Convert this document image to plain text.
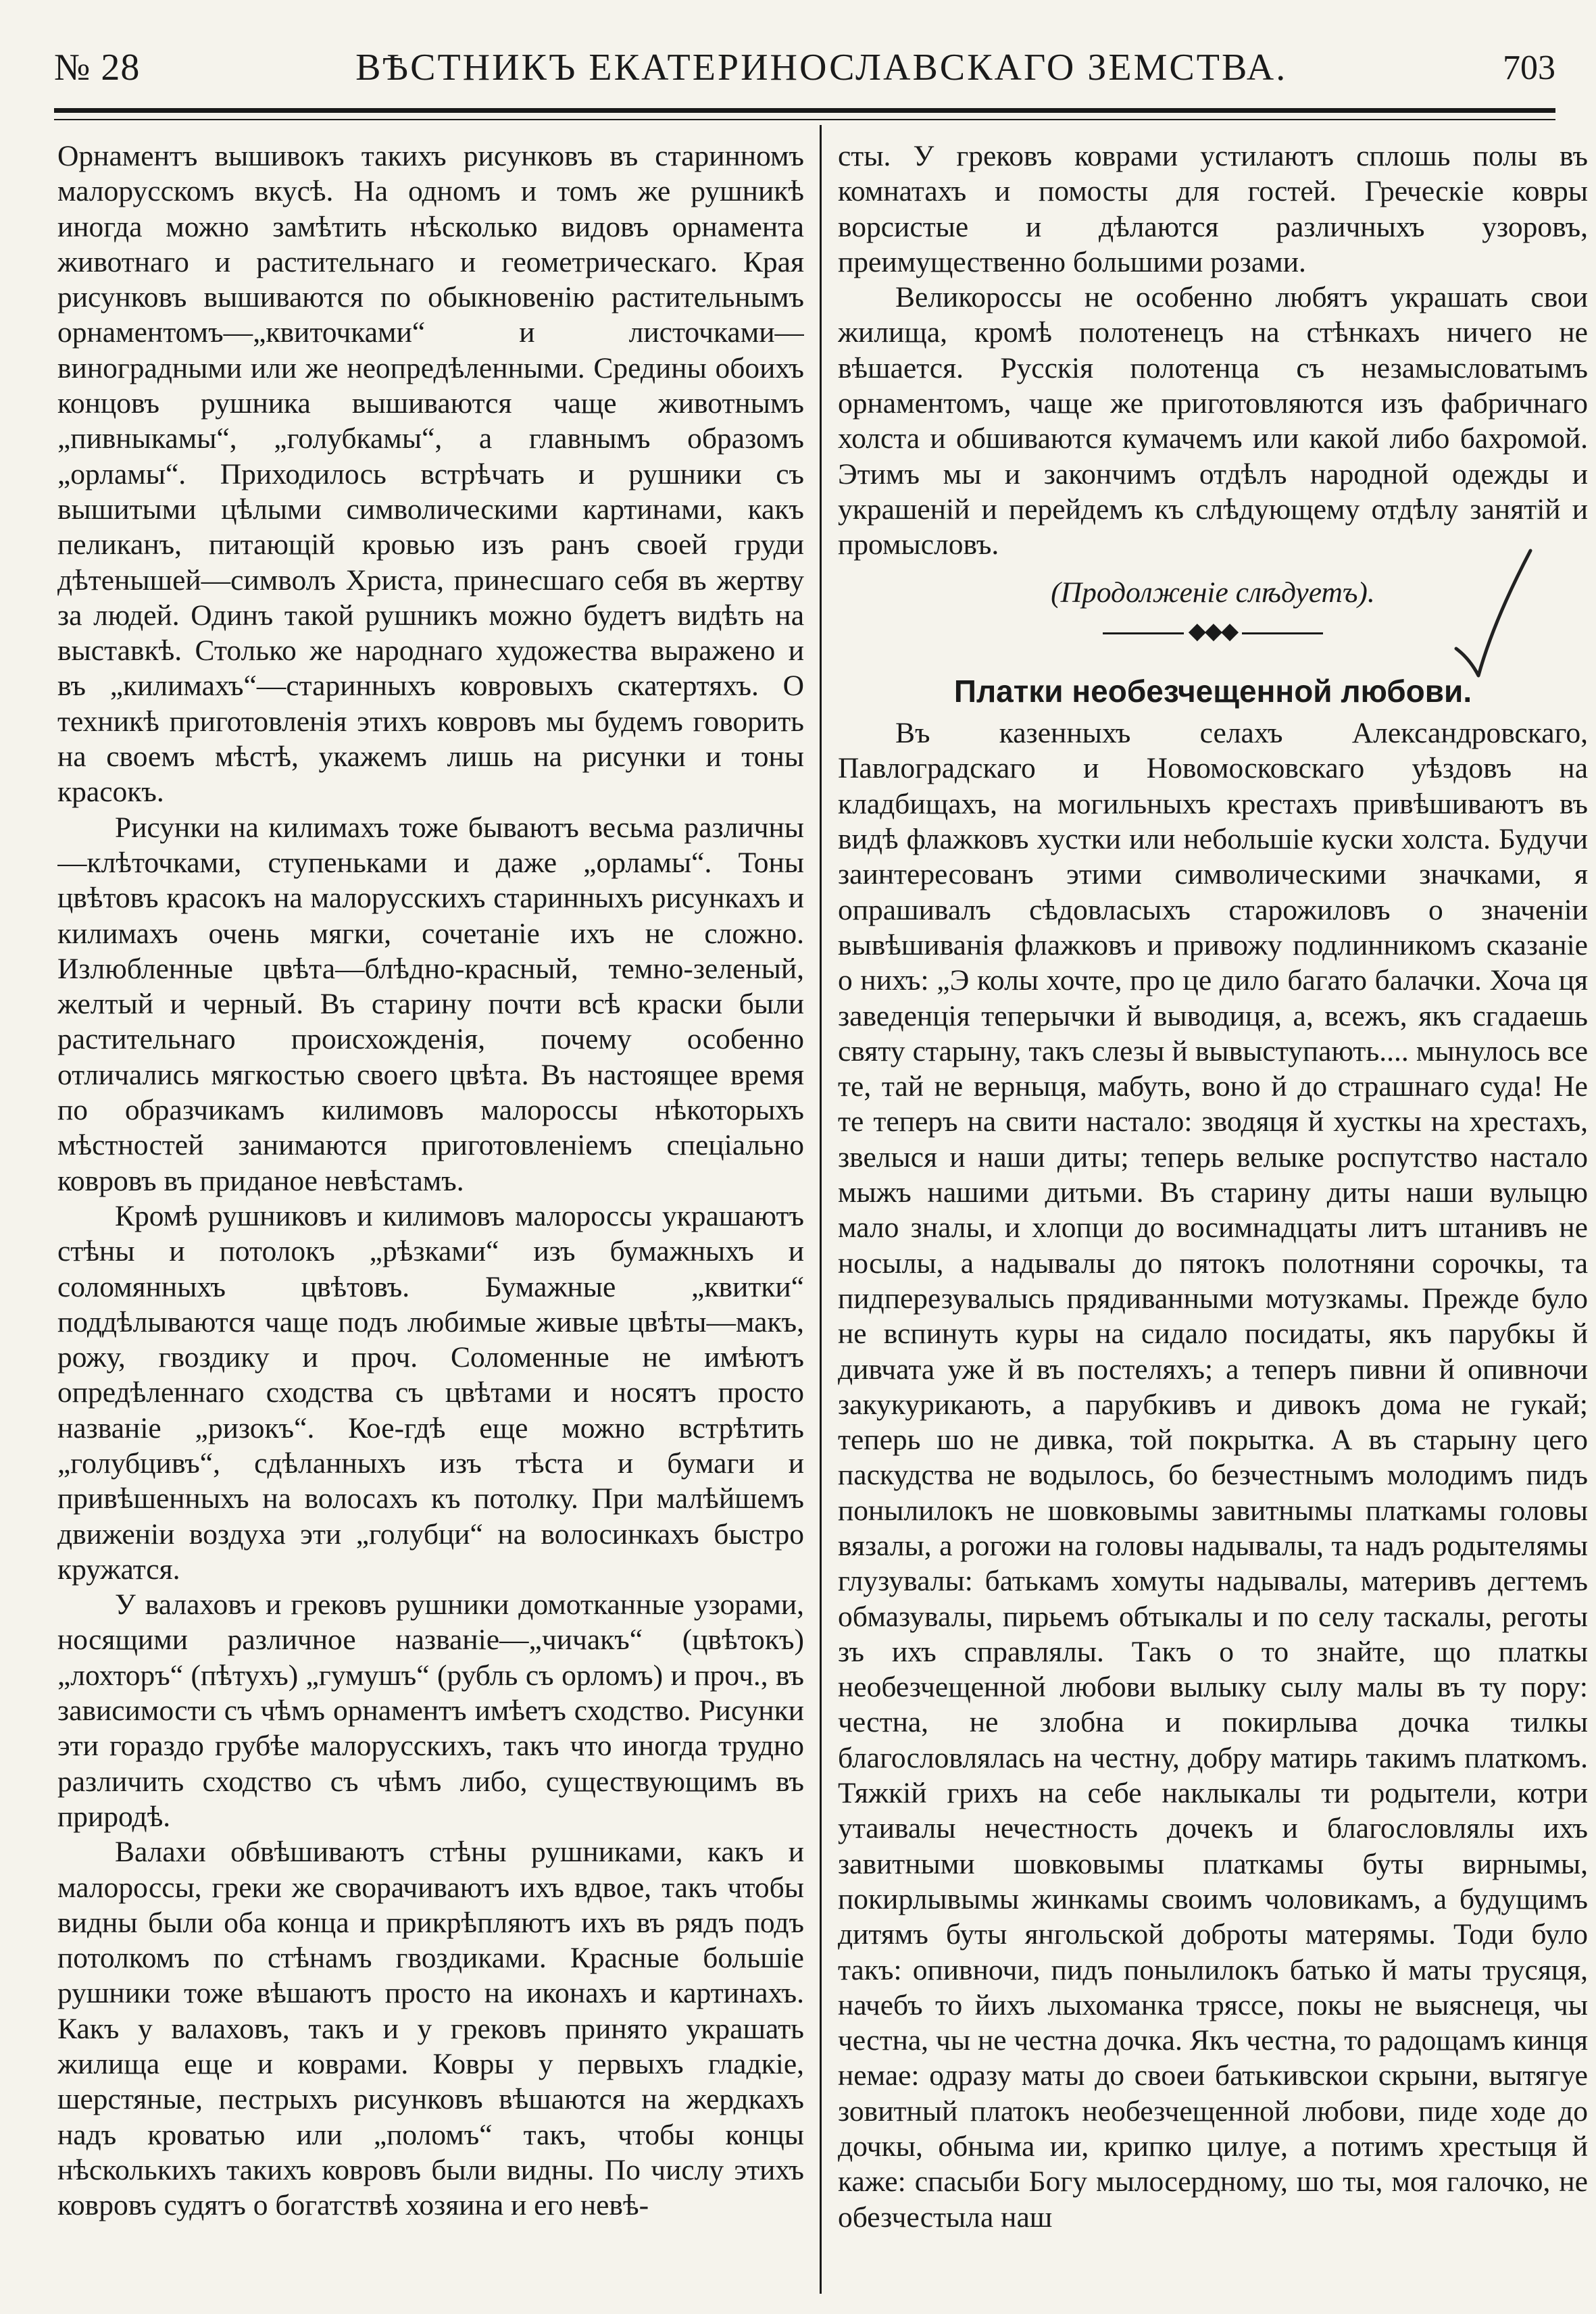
№ 28	ВѢСТНИКЪ ЕКАТЕРИНОСЛАВСКАГО ЗЕМСТВА.	703

Орнаментъ вышивокъ такихъ рисунковъ въ старинномъ малорусскомъ вкусѣ. На одномъ и томъ же рушникѣ иногда можно замѣтить нѣсколько видовъ орнамента животнаго и растительнаго и геометрическаго. Края рисунковъ вышиваются по обыкновенію растительнымъ орнаментомъ—„квиточками“ и листочками—виноградными или же неопредѣленными. Средины обоихъ концовъ рушника вышиваются чаще животнымъ „пивныкамы“, „голубкамы“, а главнымъ образомъ „орламы“. Приходилось встрѣчать и рушники съ вышитыми цѣлыми символическими картинами, какъ пеликанъ, питающій кровью изъ ранъ своей груди дѣтенышей—символъ Христа, принесшаго себя въ жертву за людей. Одинъ такой рушникъ можно будетъ видѣть на выставкѣ. Столько же народнаго художества выражено и въ „килимахъ“—старинныхъ ковровыхъ скатертяхъ. О техникѣ приготовленія этихъ ковровъ мы будемъ говорить на своемъ мѣстѣ, укажемъ лишь на рисунки и тоны красокъ.

Рисунки на килимахъ тоже бываютъ весьма различны—клѣточками, ступеньками и даже „орламы“. Тоны цвѣтовъ красокъ на малорусскихъ старинныхъ рисункахъ и килимахъ очень мягки, сочетаніе ихъ не сложно. Излюбленные цвѣта—блѣдно-красный, темно-зеленый, желтый и черный. Въ старину почти всѣ краски были растительнаго происхожденія, почему особенно отличались мягкостью своего цвѣта. Въ настоящее время по образчикамъ килимовъ малороссы нѣкоторыхъ мѣстностей занимаются приготовленіемъ спеціально ковровъ въ приданое невѣстамъ.

Кромѣ рушниковъ и килимовъ малороссы украшаютъ стѣны и потолокъ „рѣзками“ изъ бумажныхъ и соломянныхъ цвѣтовъ. Бумажные „квитки“ поддѣлываются чаще подъ любимые живые цвѣты—макъ, рожу, гвоздику и проч. Соломенные не имѣютъ опредѣленнаго сходства съ цвѣтами и носятъ просто названіе „ризокъ“. Кое-гдѣ еще можно встрѣтить „голубцивъ“, сдѣланныхъ изъ тѣста и бумаги и привѣшенныхъ на волосахъ къ потолку. При малѣйшемъ движеніи воздуха эти „голубци“ на волосинкахъ быстро кружатся.

У валаховъ и грековъ рушники домотканные узорами, носящими различное названіе—„чичакъ“ (цвѣтокъ) „лохторъ“ (пѣтухъ) „гумушъ“ (рубль съ орломъ) и проч., въ зависимости съ чѣмъ орнаментъ имѣетъ сходство. Рисунки эти гораздо грубѣе малорусскихъ, такъ что иногда трудно различить сходство съ чѣмъ либо, существующимъ въ природѣ.

Валахи обвѣшиваютъ стѣны рушниками, какъ и малороссы, греки же сворачиваютъ ихъ вдвое, такъ чтобы видны были оба конца и прикрѣпляютъ ихъ въ рядъ подъ потолкомъ по стѣнамъ гвоздиками. Красные большіе рушники тоже вѣшаютъ просто на иконахъ и картинахъ. Какъ у валаховъ, такъ и у грековъ принято украшать жилища еще и коврами. Ковры у первыхъ гладкіе, шерстяные, пестрыхъ рисунковъ вѣшаются на жердкахъ надъ кроватью или „поломъ“ такъ, чтобы концы нѣсколькихъ такихъ ковровъ были видны. По числу этихъ ковровъ судятъ о богатствѣ хозяина и его невѣ-

сты. У грековъ коврами устилаютъ сплошь полы въ комнатахъ и помосты для гостей. Греческіе ковры ворсистые и дѣлаются различныхъ узоровъ, преимущественно большими розами.

Великороссы не особенно любятъ украшать свои жилища, кромѣ полотенецъ на стѣнкахъ ничего не вѣшается. Русскія полотенца съ незамысловатымъ орнаментомъ, чаще же приготовляются изъ фабричнаго холста и обшиваются кумачемъ или какой либо бахромой. Этимъ мы и закончимъ отдѣлъ народной одежды и украшеній и перейдемъ къ слѣдующему отдѣлу занятій и промысловъ.

(Продолженіе слѣдуетъ).

◆◆◆

Платки необезчещенной любови.

Въ казенныхъ селахъ Александровскаго, Павлоградскаго и Новомосковскаго уѣздовъ на кладбищахъ, на могильныхъ крестахъ привѣшиваютъ въ видѣ флажковъ хустки или небольшіе куски холста. Будучи заинтересованъ этими символическими значками, я опрашивалъ сѣдовласыхъ старожиловъ о значеніи вывѣшиванія флажковъ и привожу подлинникомъ сказаніе о нихъ: „Э колы хочте, про це дило багато балачки. Хоча ця заведенція теперычки й выводиця, а, всежъ, якъ сгадаешь святу старыну, такъ слезы й вывыступають.... мынулось все те, тай не верныця, мабуть, воно й до страшнаго суда! Не те теперъ на свити настало: зводяця й хусткы на хрестахъ, звелыся и наши диты; теперь велыке роспутство настало мыжъ нашими дитьми. Въ старину диты наши вулыцю мало зналы, и хлопци до восимнадцаты литъ штанивъ не носылы, а надывалы до пятокъ полотняни сорочкы, та пидперезувалысь прядиванными мотузкамы. Прежде було не вспинуть куры на сидало посидаты, якъ парубкы й дивчата уже й въ постеляхъ; а теперъ пивни й опивночи закукурикають, а парубкивъ и дивокъ дома не гукай; теперь шо не дивка, той покрытка. А въ старыну цего паскудства не водылось, бо безчестнымъ молодимъ пидъ понылилокъ не шовковымы завитнымы платкамы головы вязалы, а рогожи на головы надывалы, та надъ родытелямы глузувалы: батькамъ хомуты надывалы, материвъ дегтемъ обмазувалы, пирьемъ обтыкалы и по селу таскалы, реготы зъ ихъ справлялы. Такъ о то знайте, що платкы необезчещенной любови вылыку сылу малы въ ту пору: честна, не злобна и покирлыва дочка тилкы благословлялась на честну, добру матирь такимъ платкомъ. Тяжкій грихъ на себе наклыкалы ти родытели, котри утаивалы нечестность дочекъ и благословлялы ихъ завитными шовковымы платкамы буты вирнымы, покирлывымы жинкамы своимъ чоловикамъ, а будущимъ дитямъ буты янгольской доброты матерямы. Тоди було такъ: опивночи, пидъ понылилокъ батько й маты трусяця, начебъ то йихъ лыхоманка тряссе, покы не выяснеця, чы честна, чы не честна дочка. Якъ честна, то радощамъ кинця немае: одразу маты до своеи батькивскои скрыни, вытягуе зовитный платокъ необезчещенной любови, пиде ходе до дочкы, обныма ии, крипко цилуе, а потимъ хрестыця й каже: спасыби Богу мылосердному, шо ты, моя галочко, не обезчестыла наш
